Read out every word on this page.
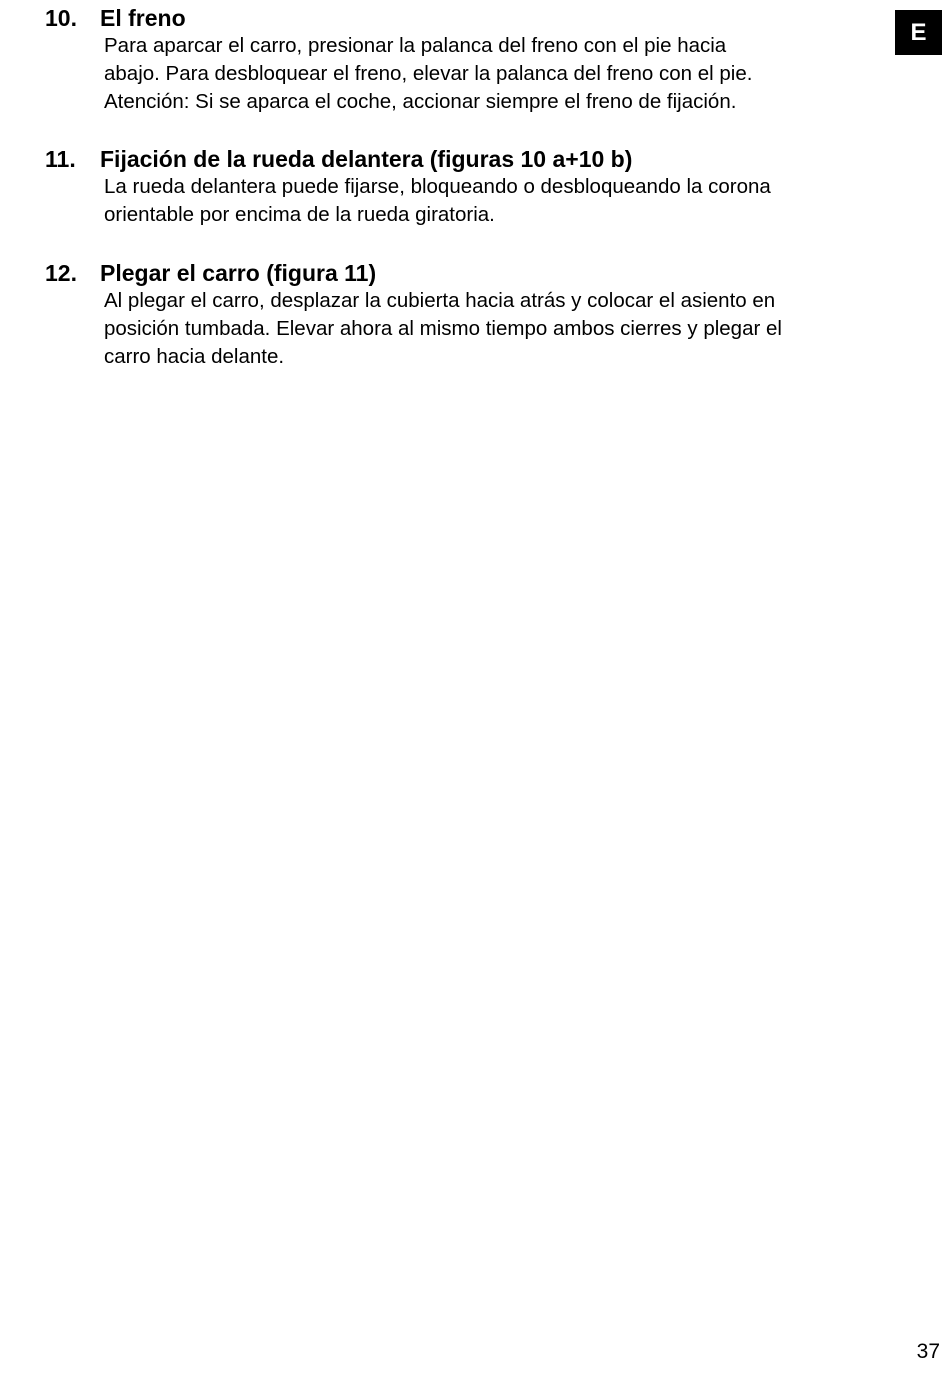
E
10. El freno
Para aparcar el carro, presionar la palanca del freno con el pie hacia
abajo. Para desbloquear el freno, elevar la palanca del freno con el pie.
Atención: Si se aparca el coche, accionar siempre el freno de fijación.
11. Fijación de la rueda delantera (figuras 10 a+10 b)
La rueda delantera puede fijarse, bloqueando o desbloqueando la corona
orientable por encima de la rueda giratoria.
12. Plegar el carro (figura 11)
Al plegar el carro, desplazar la cubierta hacia atrás y colocar el asiento en
posición tumbada. Elevar ahora al mismo tiempo ambos cierres y plegar el
carro hacia delante.
37
